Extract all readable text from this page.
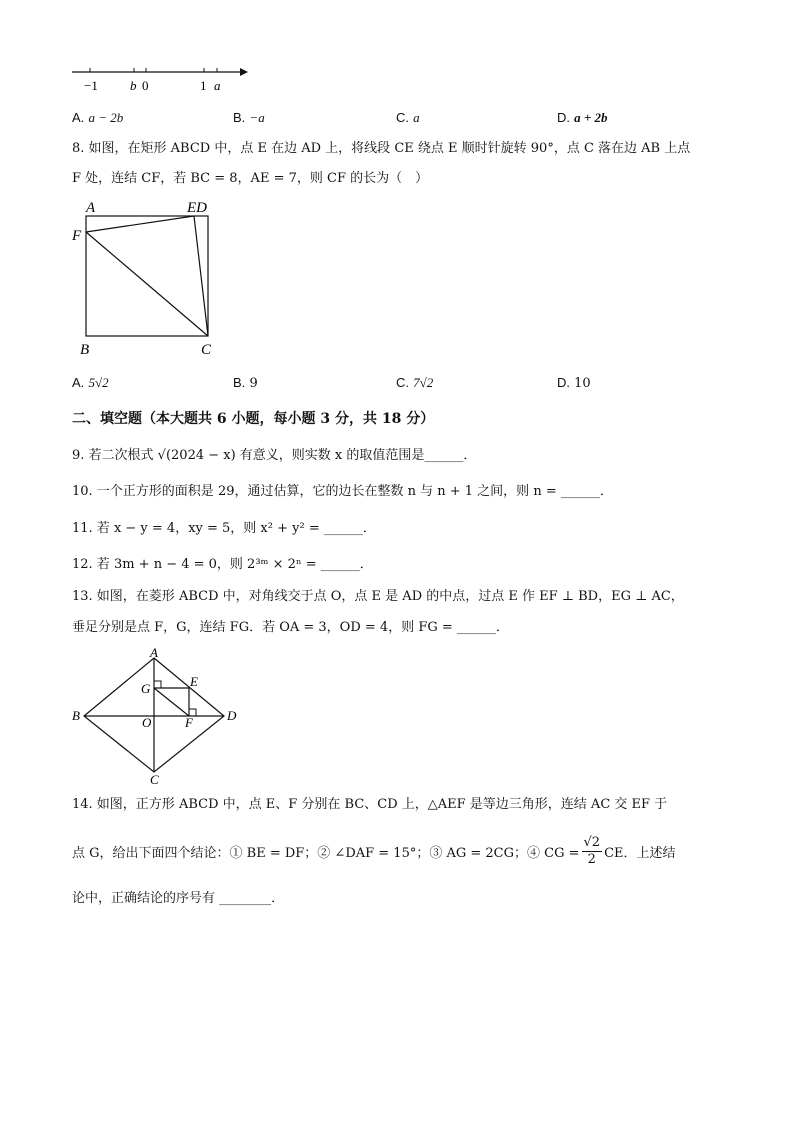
−1 b 0	1 a
A. a − 2b	B. −a	C. a	D. a + 2b
8. 如图，在矩形 ABCD 中，点 E 在边 AD 上，将线段 CE 绕点 E 顺时针旋转 90°，点 C 落在边 AB 上点
F 处，连结 CF，若 BC = 8，AE = 7，则 CF 的长为（　）
A	ED
F
B	C
A. 5√2	B. 9	C. 7√2	D. 10
二、填空题（本大题共 6 小题，每小题 3 分，共 18 分）
9. 若二次根式 √(2024 − x) 有意义，则实数 x 的取值范围是______．
10. 一个正方形的面积是 29，通过估算，它的边长在整数 n 与 n + 1 之间，则 n = ______．
11. 若 x − y = 4，xy = 5，则 x² + y² = ______．
12. 若 3m + n − 4 = 0，则 2³ᵐ × 2ⁿ = ______．
13. 如图，在菱形 ABCD 中，对角线交于点 O，点 E 是 AD 的中点，过点 E 作 EF ⊥ BD，EG ⊥ AC，
垂足分别是点 F，G，连结 FG．若 OA = 3，OD = 4，则 FG = ______．
A
G	E
B	O	F	D
C
14. 如图，正方形 ABCD 中，点 E、F 分别在 BC、CD 上，△AEF 是等边三角形，连结 AC 交 EF 于
点 G，给出下面四个结论：① BE = DF；② ∠DAF = 15°；③ AG = 2CG；④ CG = $\frac{√2}{2}$ CE．上述结
论中，正确结论的序号有 ________．
